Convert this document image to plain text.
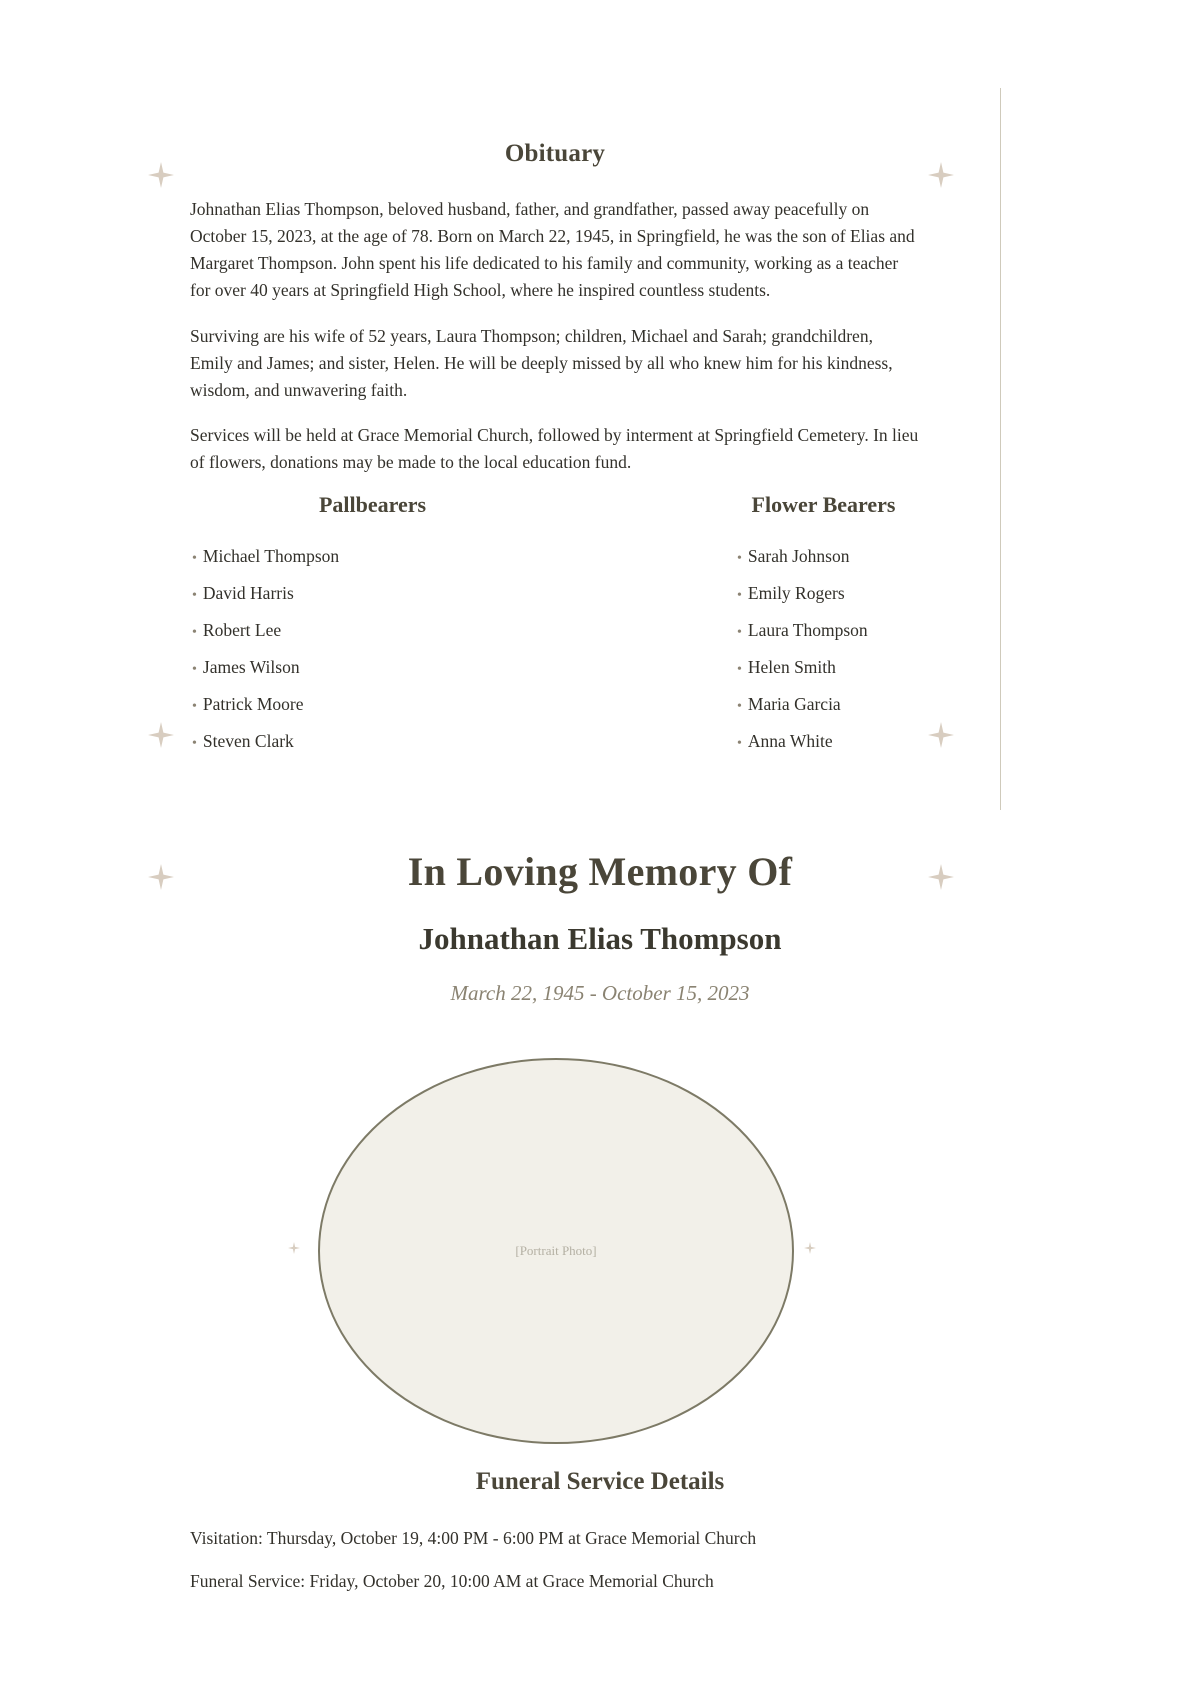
Obituary

Johnathan Elias Thompson, beloved husband, father, and grandfather, passed away peacefully on October 15, 2023, at the age of 78. Born on March 22, 1945, in Springfield, he was the son of Elias and Margaret Thompson. John spent his life dedicated to his family and community, working as a teacher for over 40 years at Springfield High School, where he inspired countless students.

Surviving are his wife of 52 years, Laura Thompson; children, Michael and Sarah; grandchildren, Emily and James; and sister, Helen. He will be deeply missed by all who knew him for his kindness, wisdom, and unwavering faith.

Services will be held at Grace Memorial Church, followed by interment at Springfield Cemetery. In lieu of flowers, donations may be made to the local education fund.

Pallbearers

• Michael Thompson

• David Harris

• Robert Lee

• James Wilson

• Patrick Moore

• Steven Clark

Flower Bearers

• Sarah Johnson

• Emily Rogers

• Laura Thompson

• Helen Smith

• Maria Garcia

• Anna White

In Loving Memory Of
Johnathan Elias Thompson

March 22, 1945 - October 15, 2023

[Portrait Photo]
Funeral Service Details

Visitation: Thursday, October 19, 4:00 PM - 6:00 PM at Grace Memorial Church

Funeral Service: Friday, October 20, 10:00 AM at Grace Memorial Church
